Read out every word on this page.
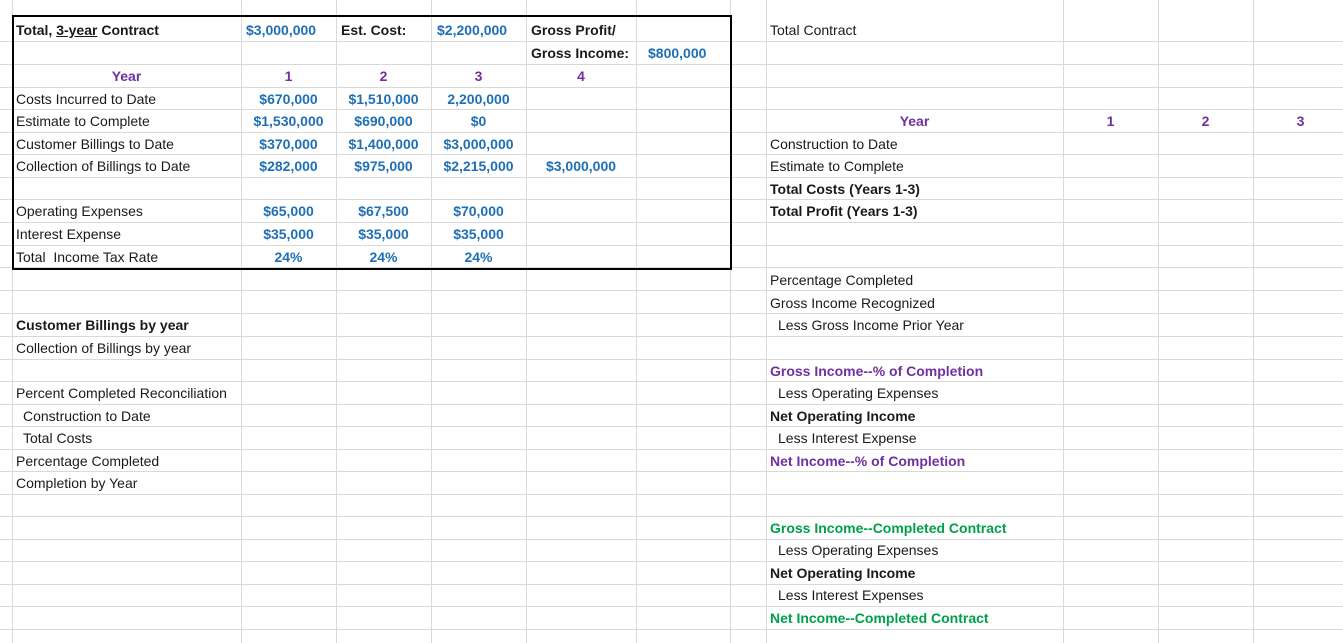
Total, 3-year Contract	$3,000,000 Est. Cost: $2,200,000 Gross Profit/
Gross Income: $800,000
Year	1	2	3	4
Costs Incurred to Date	$670,000	$1,510,000	2,200,000
Estimate to Complete	$1,530,000	$690,000	$0
Customer Billings to Date	$370,000	$1,400,000	$3,000,000
Collection of Billings to Date	$282,000	$975,000	$2,215,000	$3,000,000
Operating Expenses	$65,000	$67,500	$70,000
Interest Expense	$35,000	$35,000	$35,000
Total  Income Tax Rate	24%	24%	24%
Customer Billings by year
Collection of Billings by year
Percent Completed Reconciliation
Construction to Date
Total Costs
Percentage Completed
Completion by Year
Total Contract
Year	1	2	3
Construction to Date
Estimate to Complete
Total Costs (Years 1-3)
Total Profit (Years 1-3)
Percentage Completed
Gross Income Recognized
Less Gross Income Prior Year
Gross Income--% of Completion
Less Operating Expenses
Net Operating Income
Less Interest Expense
Net Income--% of Completion
Gross Income--Completed Contract
Less Operating Expenses
Net Operating Income
Less Interest Expenses
Net Income--Completed Contract
